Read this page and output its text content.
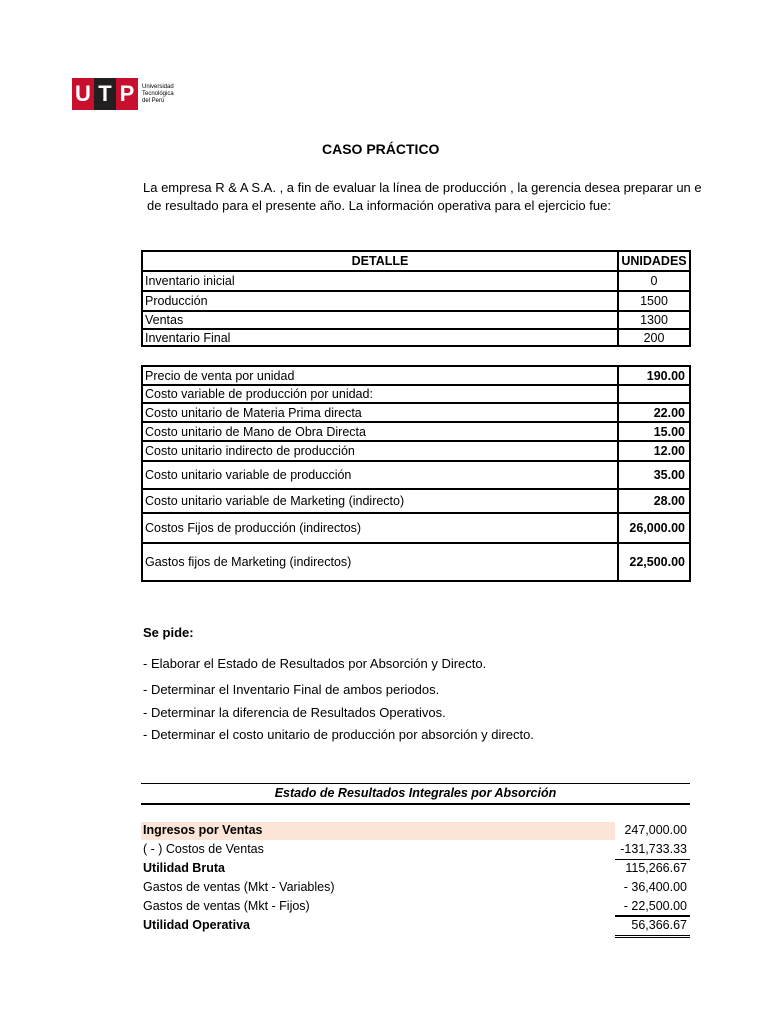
U T P	Universidad Tecnológica del Perú
CASO PRÁCTICO
La empresa R & A S.A. , a fin de evaluar la línea de producción , la gerencia desea preparar un e
de resultado para el presente año. La información operativa para el ejercicio fue:
DETALLE	UNIDADES
Inventario inicial	0
Producción	1500
Ventas	1300
Inventario Final	200
Precio de venta por unidad	190.00
Costo variable de producción por unidad:	
Costo unitario de Materia Prima directa	22.00
Costo unitario de Mano de Obra Directa	15.00
Costo unitario indirecto de producción	12.00
Costo unitario variable de producción	35.00
Costo unitario variable de Marketing (indirecto)	28.00
Costos Fijos de producción (indirectos)	26,000.00
Gastos fijos de Marketing (indirectos)	22,500.00
Se pide:
- Elaborar el Estado de Resultados por Absorción y Directo.
- Determinar el Inventario Final de ambos periodos.
- Determinar la diferencia de Resultados Operativos.
- Determinar el costo unitario de producción por absorción y directo.
Estado de Resultados Integrales por Absorción
Ingresos por Ventas	247,000.00
( - ) Costos de Ventas	-131,733.33
Utilidad Bruta	115,266.67
Gastos de ventas (Mkt - Variables)	- 36,400.00
Gastos de ventas (Mkt - Fijos)	- 22,500.00
Utilidad Operativa	56,366.67
